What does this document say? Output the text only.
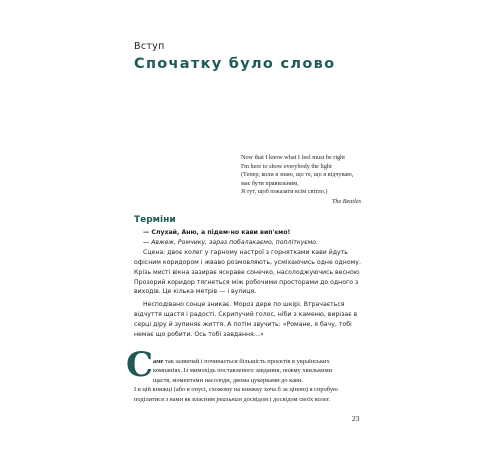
Вступ
Спочатку було слово
Now that I know what I feel must be right
I'm here to show everybody the light
(Тепер, коли я знаю, що те, що я відчуваю,
має бути правильним,
Я тут, щоб показати всім світло.)
The Beatles
Терміни

— Слухай, Аню, а підем-но кави вип'ємо!

— Авжеж, Ромчику, зараз побалакаємо, попліткуємо.

Сцена: двоє колег у гарному настрої з горнятками кави йдуть офісним коридором і жваво розмовляють, усміхаючись одне одному. Крізь мисті вікна зазирає яскраве сонечко, насолоджуючись весною. Прозорий коридор тягнеться між робочими просторами до одного з виходів. Це кілька метрів — і вулиця.

Несподівано сонце зникає. Мороз дере по шкірі. Втрачається відчуття щастя і радості. Скрипучий голос, ніби з каменю, вирізає в серці діру й зупиняє життя. А потім звучить: «Романе, я бачу, тобі немає що робити. Ось тобі завдання…»

С аме так зазвичай і починається більшість проєктів в українських
компаніях. Із мимохідь поставленого завдання, пожму хвилькими
щастя, моментами насолоди, двома цукерками до кави.
І в цій книжці (або в опусі, схожому на книжку хоча б за ціною) я спробую
поділитися з вами як власним реальним досвідом і досвідом своїх колег.
23
